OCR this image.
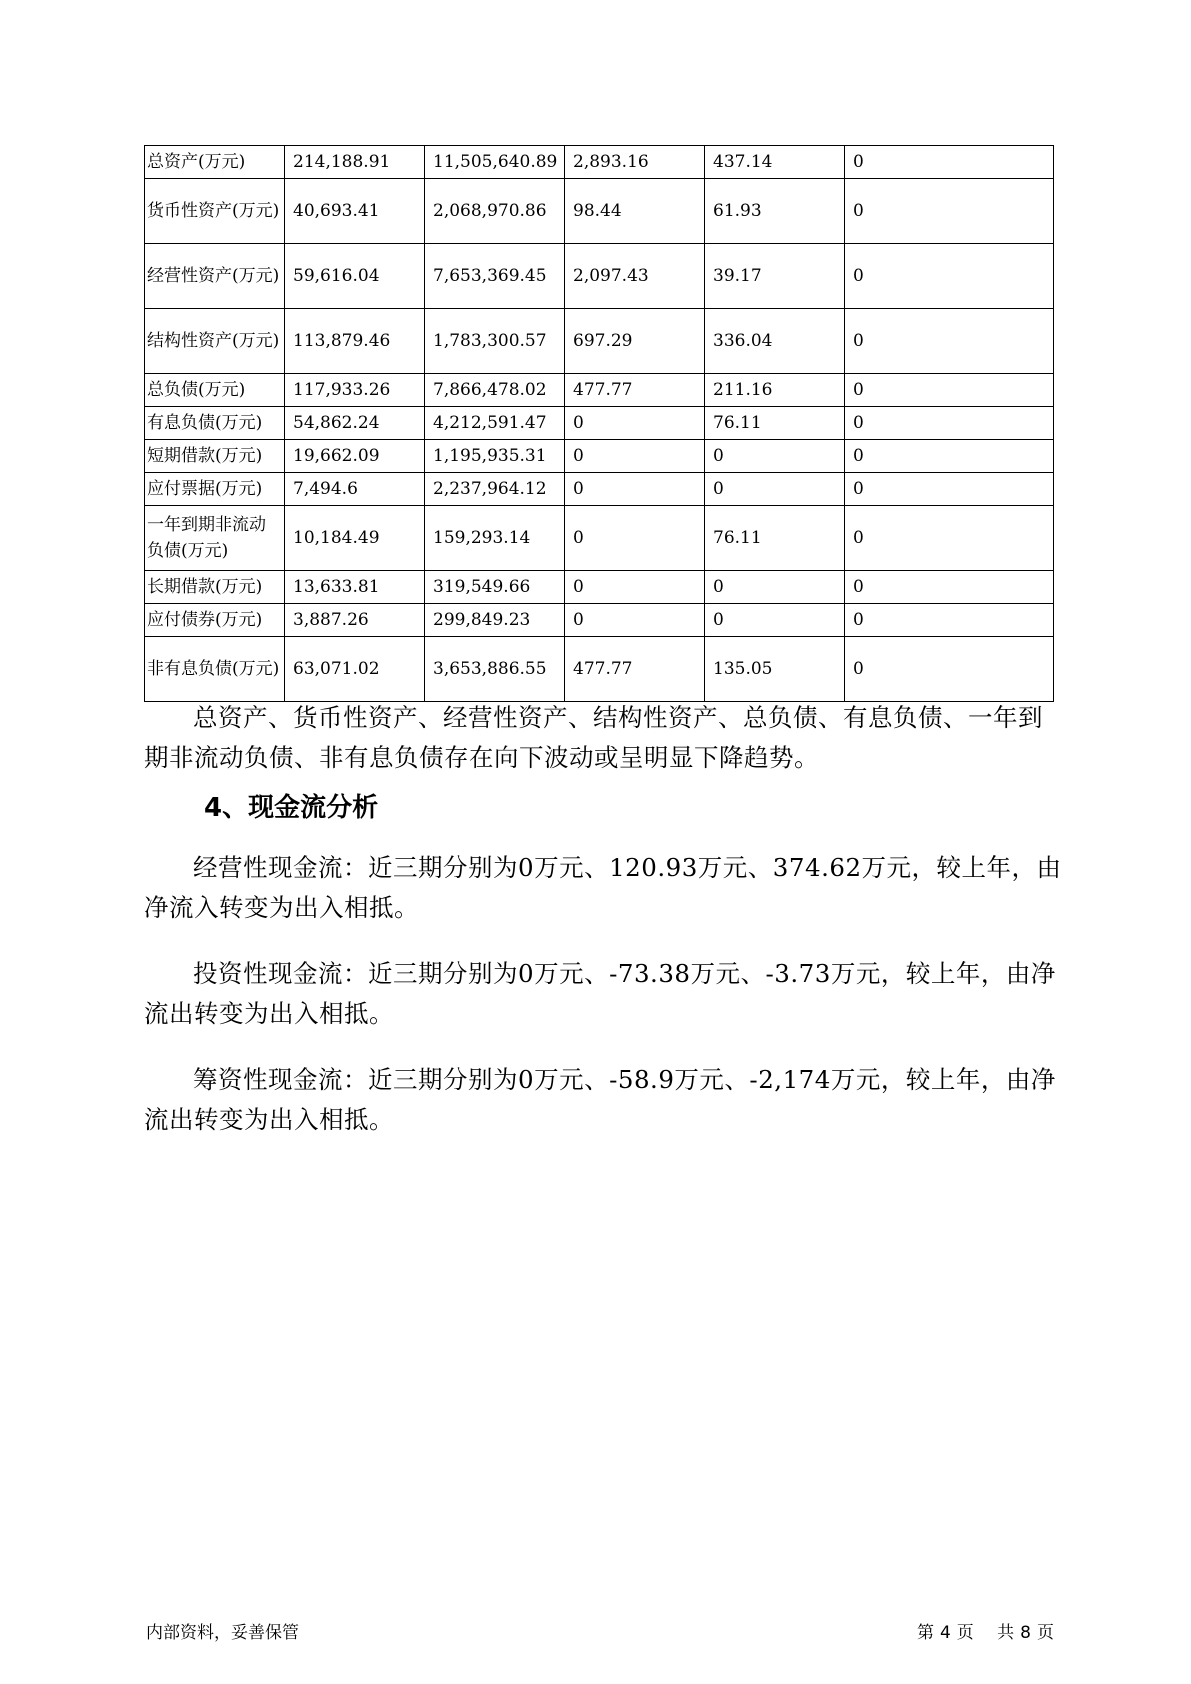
总资产(万元)	214,188.91	11,505,640.89	2,893.16	437.14	0
货币性资产(万元)	40,693.41	2,068,970.86	98.44	61.93	0
经营性资产(万元)	59,616.04	7,653,369.45	2,097.43	39.17	0
结构性资产(万元)	113,879.46	1,783,300.57	697.29	336.04	0
总负债(万元)	117,933.26	7,866,478.02	477.77	211.16	0
有息负债(万元)	54,862.24	4,212,591.47	0	76.11	0
短期借款(万元)	19,662.09	1,195,935.31	0	0	0
应付票据(万元)	7,494.6	2,237,964.12	0	0	0
一年到期非流动负债(万元)	10,184.49	159,293.14	0	76.11	0
长期借款(万元)	13,633.81	319,549.66	0	0	0
应付债券(万元)	3,887.26	299,849.23	0	0	0
非有息负债(万元)	63,071.02	3,653,886.55	477.77	135.05	0

总资产、货币性资产、经营性资产、结构性资产、总负债、有息负债、一年到期非流动负债、非有息负债存在向下波动或呈明显下降趋势。

4、现金流分析

经营性现金流：近三期分别为0万元、120.93万元、374.62万元，较上年，由净流入转变为出入相抵。

投资性现金流：近三期分别为0万元、-73.38万元、-3.73万元，较上年，由净流出转变为出入相抵。

筹资性现金流：近三期分别为0万元、-58.9万元、-2,174万元，较上年，由净流出转变为出入相抵。

内部资料，妥善保管	第 4 页 共 8 页
